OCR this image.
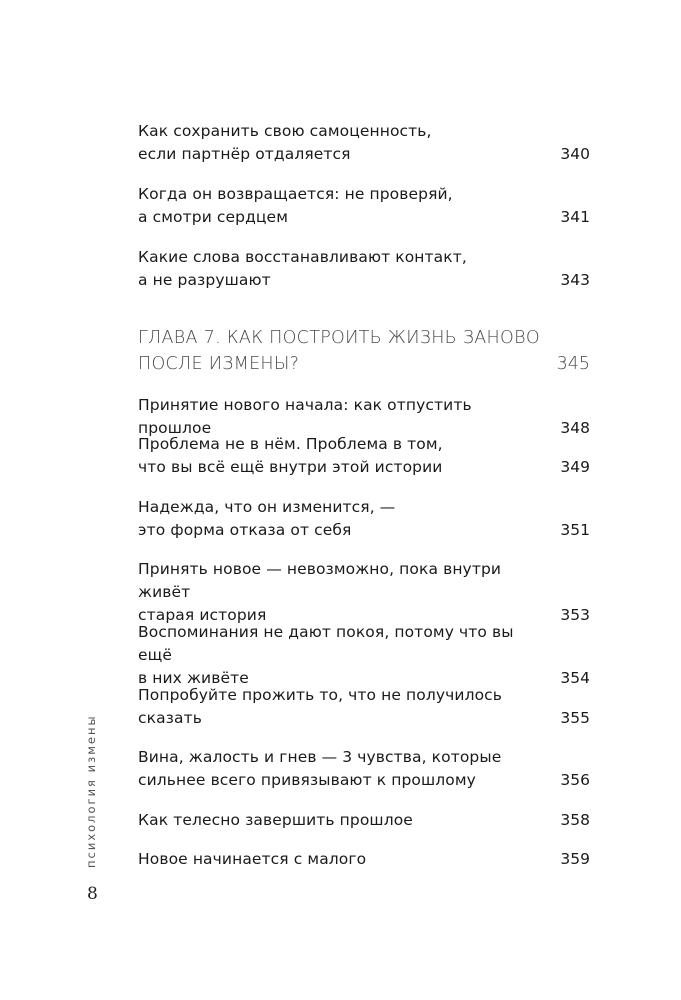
Как сохранить свою самоценность,
если партнёр отдаляется	340
Когда он возвращается: не проверяй,
а смотри сердцем	341
Какие слова восстанавливают контакт,
а не разрушают	343
ГЛАВА 7. КАК ПОСТРОИТЬ ЖИЗНЬ ЗАНОВО
ПОСЛЕ ИЗМЕНЫ?	345
Принятие нового начала: как отпустить прошлое	348
Проблема не в нём. Проблема в том,
что вы всё ещё внутри этой истории	349
Надежда, что он изменится, —
это форма отказа от себя	351
Принять новое — невозможно, пока внутри живёт
старая история	353
Воспоминания не дают покоя, потому что вы ещё
в них живёте	354
Попробуйте прожить то, что не получилось
сказать	355
Вина, жалость и гнев — 3 чувства, которые
сильнее всего привязывают к прошлому	356
Как телесно завершить прошлое	358
Новое начинается с малого	359
психология измены
8
